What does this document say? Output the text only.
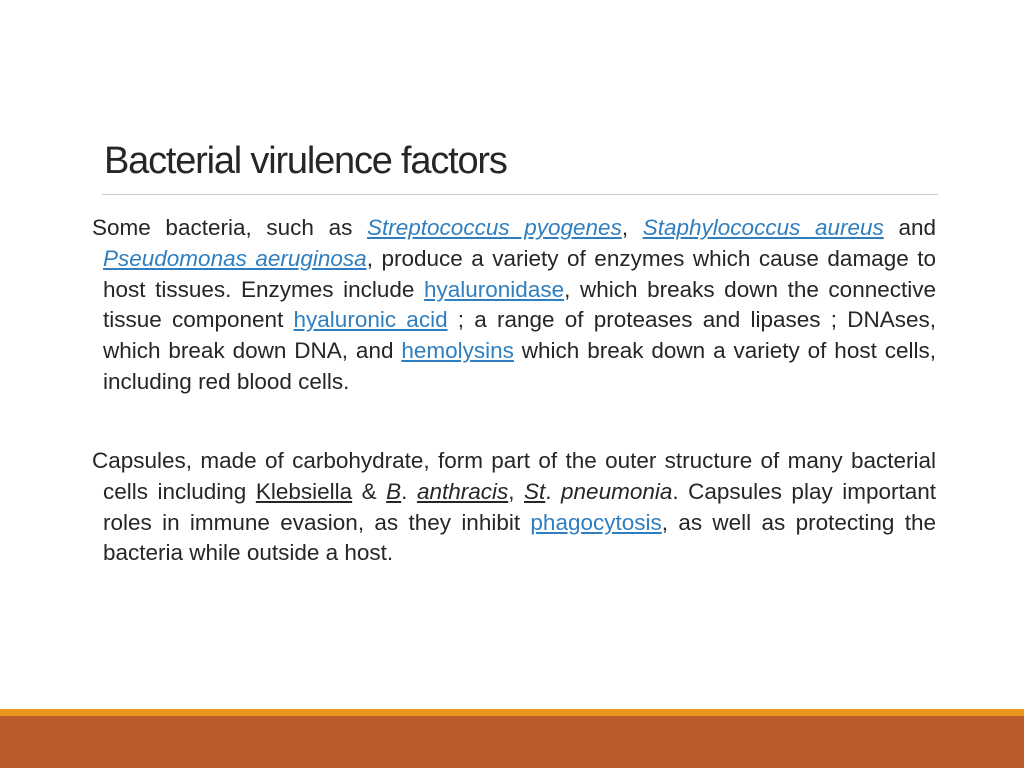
Bacterial virulence factors
Some bacteria, such as Streptococcus pyogenes, Staphylococcus aureus and Pseudomonas aeruginosa, produce a variety of enzymes which cause damage to host tissues. Enzymes include hyaluronidase, which breaks down the connective tissue component hyaluronic acid ; a range of proteases and lipases ; DNAses, which break down DNA, and hemolysins which break down a variety of host cells, including red blood cells.
Capsules, made of carbohydrate, form part of the outer structure of many bacterial cells including Klebsiella & B. anthracis, St. pneumonia. Capsules play important roles in immune evasion, as they inhibit phagocytosis, as well as protecting the bacteria while outside a host.
